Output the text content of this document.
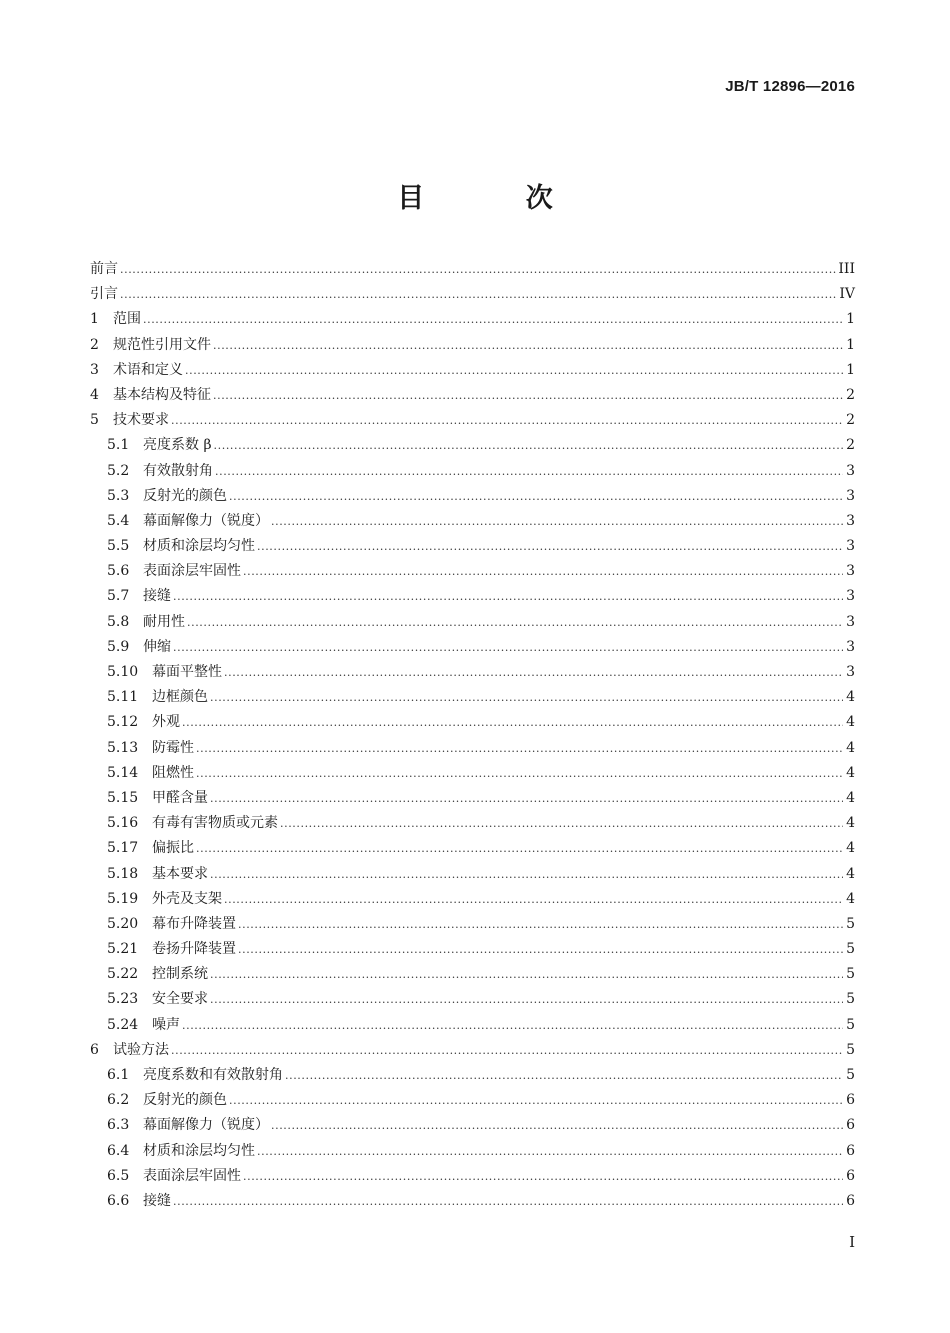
JB/T 12896—2016
目 次
前言 .....	III
引言 .....	IV
1	范围 .....	1
2	规范性引用文件 .....	1
3	术语和定义 .....	1
4	基本结构及特征 .....	2
5	技术要求 .....	2
5.1 亮度系数 β .....	2
5.2 有效散射角 .....	3
5.3 反射光的颜色 .....	3
5.4 幕面解像力（锐度） .....	3
5.5 材质和涂层均匀性 .....	3
5.6 表面涂层牢固性 .....	3
5.7 接缝 .....	3
5.8 耐用性 .....	3
5.9 伸缩 .....	3
5.10 幕面平整性 .....	3
5.11 边框颜色 .....	4
5.12 外观 .....	4
5.13 防霉性 .....	4
5.14 阻燃性 .....	4
5.15 甲醛含量 .....	4
5.16 有毒有害物质或元素 .....	4
5.17 偏振比 .....	4
5.18 基本要求 .....	4
5.19 外壳及支架 .....	4
5.20 幕布升降装置 .....	5
5.21 卷扬升降装置 .....	5
5.22 控制系统 .....	5
5.23 安全要求 .....	5
5.24 噪声 .....	5
6	试验方法 .....	5
6.1 亮度系数和有效散射角 .....	5
6.2 反射光的颜色 .....	6
6.3 幕面解像力（锐度） .....	6
6.4 材质和涂层均匀性 .....	6
6.5 表面涂层牢固性 .....	6
6.6 接缝 .....	6
I
